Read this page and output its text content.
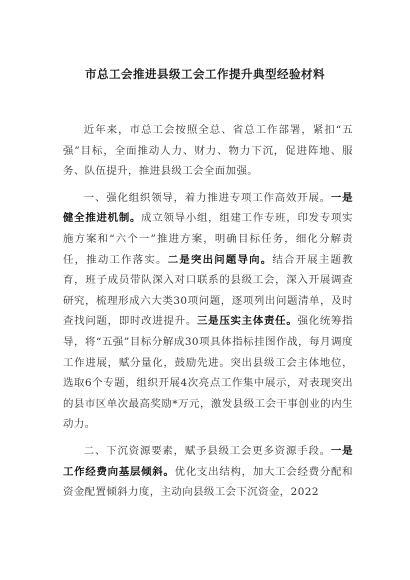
市总工会推进县级工会工作提升典型经验材料

近年来，市总工会按照全总、省总工作部署，紧扣“五强”目标，全面推动人力、财力、物力下沉，促进阵地、服务、队伍提升，推进县级工会全面加强。

一、强化组织领导，着力推进专项工作高效开展。一是健全推进机制。成立领导小组，组建工作专班，印发专项实施方案和“六个一”推进方案，明确目标任务，细化分解责任，推动工作落实。二是突出问题导向。结合开展主题教育，班子成员带队深入对口联系的县级工会，深入开展调查研究，梳理形成六大类30项问题，逐项列出问题清单，及时查找问题，即时改进提升。三是压实主体责任。强化统筹指导，将“五强”目标分解成30项具体指标挂图作战，每月调度工作进展，赋分量化，鼓励先进。突出县级工会主体地位，选取6个专题，组织开展4次亮点工作集中展示，对表现突出的县市区单次最高奖励*万元，激发县级工会干事创业的内生动力。

二、下沉资源要素，赋予县级工会更多资源手段。一是工作经费向基层倾斜。优化支出结构，加大工会经费分配和资金配置倾斜力度，主动向县级工会下沉资金，2022
